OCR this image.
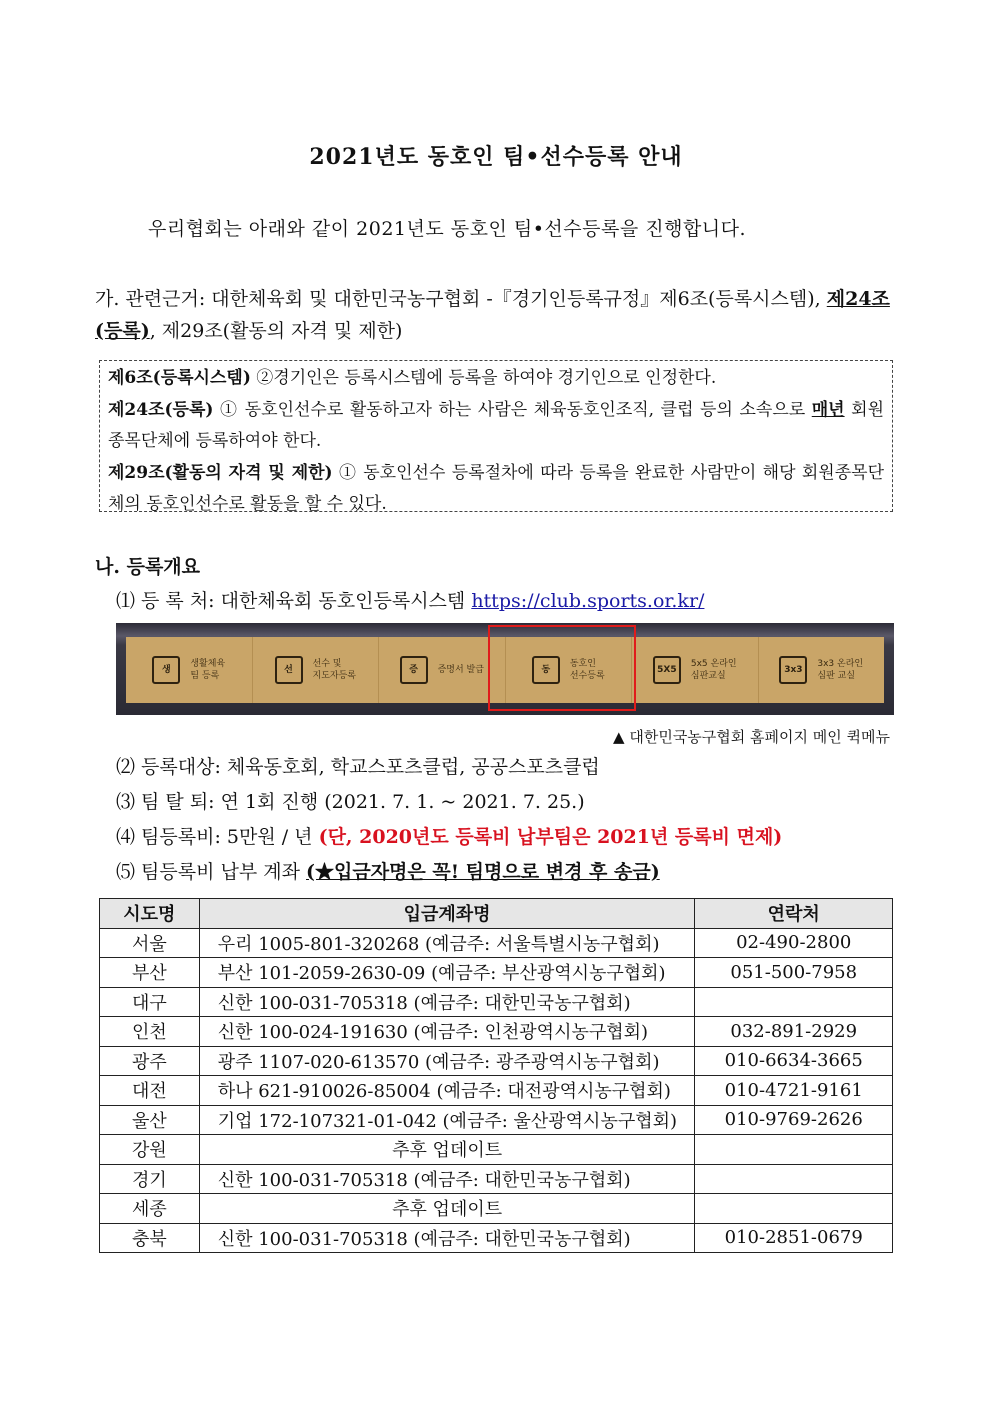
2021년도 동호인 팀•선수등록 안내
우리협회는 아래와 같이 2021년도 동호인 팀•선수등록을 진행합니다.
가. 관련근거: 대한체육회 및 대한민국농구협회 -『경기인등록규정』제6조(등록시스템), 제24조(등록), 제29조(활동의 자격 및 제한)
제6조(등록시스템) ②경기인은 등록시스템에 등록을 하여야 경기인으로 인정한다.
제24조(등록) ① 동호인선수로 활동하고자 하는 사람은 체육동호인조직, 클럽 등의 소속으로 매년 회원종목단체에 등록하여야 한다.
제29조(활동의 자격 및 제한) ① 동호인선수 등록절차에 따라 등록을 완료한 사람만이 해당 회원종목단체의 동호인선수로 활동을 할 수 있다.
나. 등록개요
⑴ 등 록 처: 대한체육회 동호인등록시스템 https://club.sports.or.kr/
생
생활체육
팀 등록
선
선수 및
지도자등록
증	증명서 발급	동
동호인
선수등록
5X5
5x5 온라인
심판교실
3x3
3x3 온라인
심판 교실
▲ 대한민국농구협회 홈페이지 메인 퀵메뉴
⑵ 등록대상: 체육동호회, 학교스포츠클럽, 공공스포츠클럽
⑶ 팀 탈 퇴: 연 1회 진행 (2021. 7. 1. ~ 2021. 7. 25.)
⑷ 팀등록비: 5만원 / 년 (단, 2020년도 등록비 납부팀은 2021년 등록비 면제)
⑸ 팀등록비 납부 계좌 (★입금자명은 꼭! 팀명으로 변경 후 송금)
시도명	입금계좌명	연락처
서울	우리 1005-801-320268 (예금주: 서울특별시농구협회)	02-490-2800
부산	부산 101-2059-2630-09 (예금주: 부산광역시농구협회)	051-500-7958
대구	신한 100-031-705318 (예금주: 대한민국농구협회)	
인천	신한 100-024-191630 (예금주: 인천광역시농구협회)	032-891-2929
광주	광주 1107-020-613570 (예금주: 광주광역시농구협회)	010-6634-3665
대전	하나 621-910026-85004 (예금주: 대전광역시농구협회)	010-4721-9161
울산	기업 172-107321-01-042 (예금주: 울산광역시농구협회)	010-9769-2626
강원	추후 업데이트	
경기	신한 100-031-705318 (예금주: 대한민국농구협회)	
세종	추후 업데이트	
충북	신한 100-031-705318 (예금주: 대한민국농구협회)	010-2851-0679
